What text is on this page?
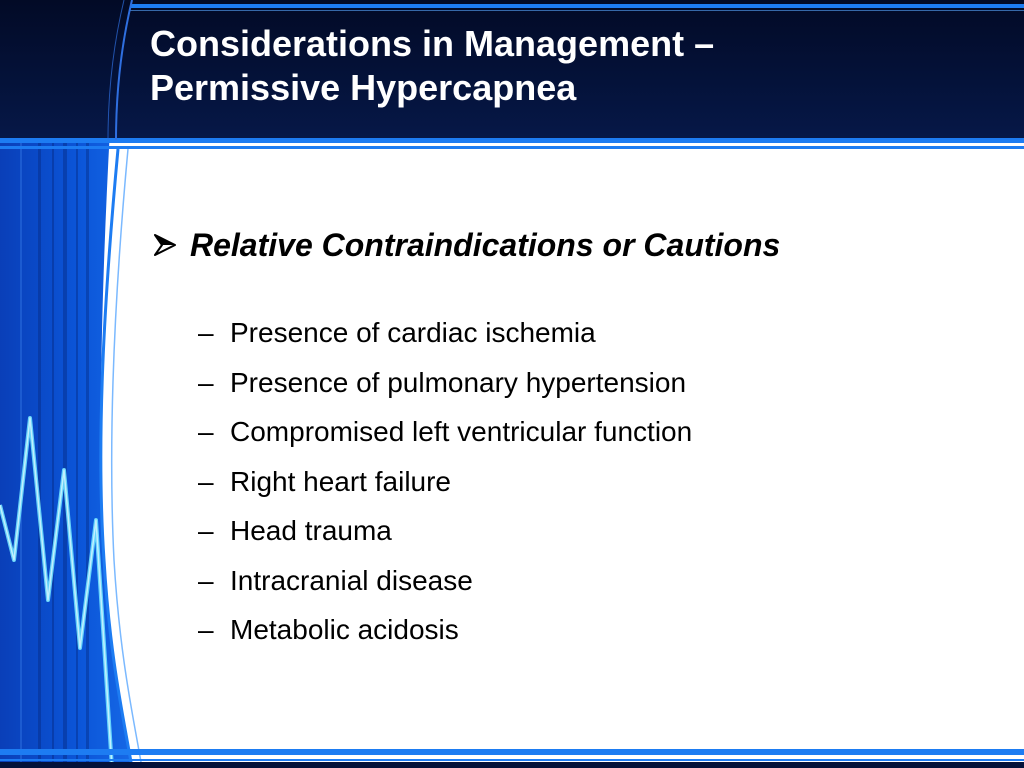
Considerations in Management –
Permissive Hypercapnea
Relative Contraindications or Cautions
– Presence of cardiac ischemia
– Presence of pulmonary hypertension
– Compromised left ventricular function
– Right heart failure
– Head trauma
– Intracranial disease
– Metabolic acidosis
